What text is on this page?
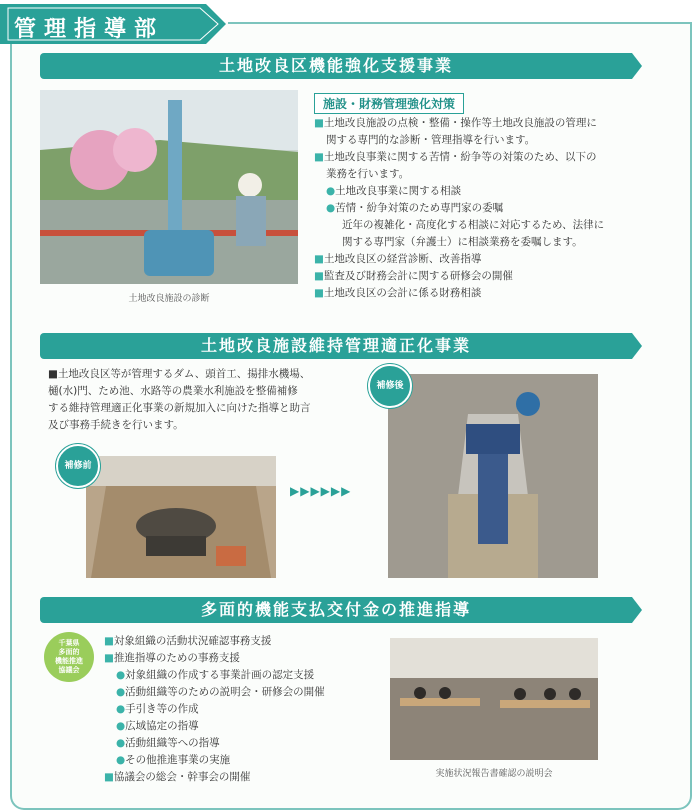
管理指導部
土地改良区機能強化支援事業
土地改良施設の診断
施設・財務管理強化対策
■土地改良施設の点検・整備・操作等土地改良施設の管理に
関する専門的な診断・管理指導を行います。
■土地改良事業に関する苦情・紛争等の対策のため、以下の
業務を行います。
●土地改良事業に関する相談
●苦情・紛争対策のため専門家の委嘱
近年の複雑化・高度化する相談に対応するため、法律に
関する専門家（弁護士）に相談業務を委嘱します。
■土地改良区の経営診断、改善指導
■監査及び財務会計に関する研修会の開催
■土地改良区の会計に係る財務相談
土地改良施設維持管理適正化事業
■土地改良区等が管理するダム、頭首工、揚排水機場、
樋(水)門、ため池、水路等の農業水利施設を整備補修
する維持管理適正化事業の新規加入に向けた指導と助言
及び事務手続きを行います。
補修前
▶▶▶▶▶▶
補修後
多面的機能支払交付金の推進指導
千葉県
多面的
機能推進
協議会
■対象組織の活動状況確認事務支援
■推進指導のための事務支援
●対象組織の作成する事業計画の認定支援
●活動組織等のための説明会・研修会の開催
●手引き等の作成
●広域協定の指導
●活動組織等への指導
●その他推進事業の実施
■協議会の総会・幹事会の開催	実施状況報告書確認の説明会
